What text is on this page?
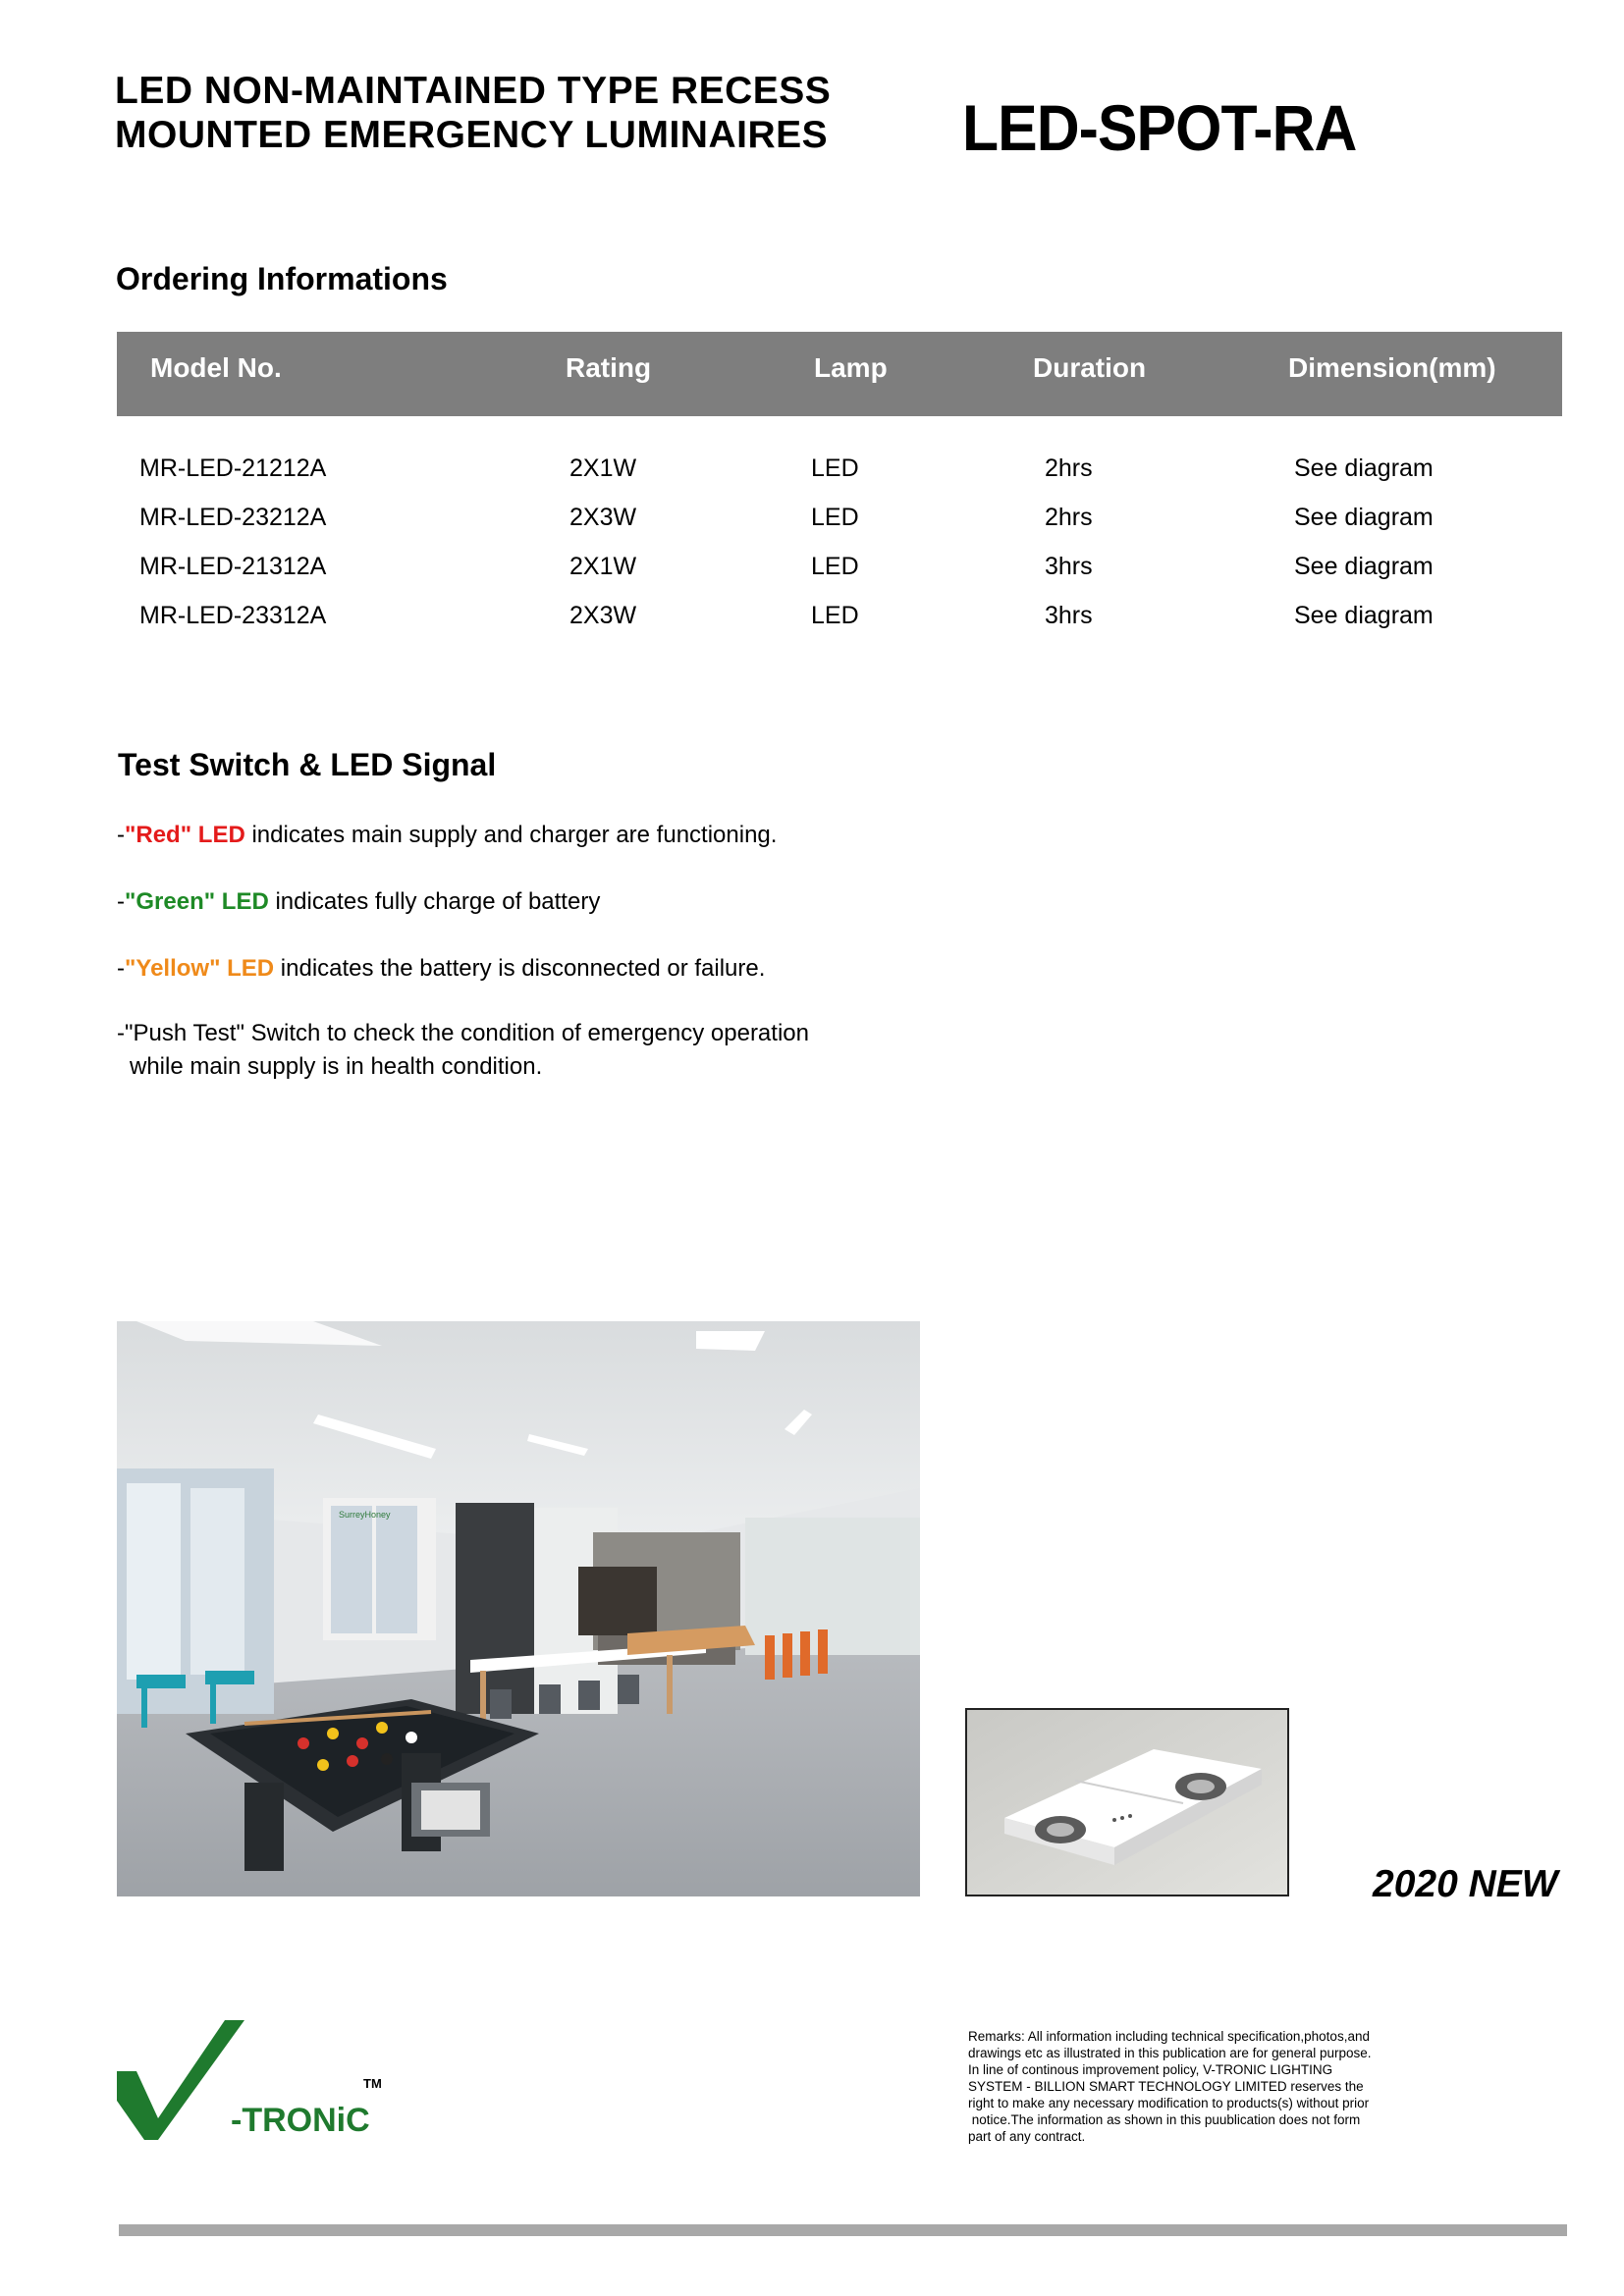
LED NON-MAINTAINED TYPE RECESS
MOUNTED EMERGENCY LUMINAIRES LED-SPOT-RA
Ordering Informations
Model No.	Rating	Lamp	Duration	Dimension(mm)
MR-LED-21212A	2X1W	LED	2hrs	See diagram
MR-LED-23212A	2X3W	LED	2hrs	See diagram
MR-LED-21312A	2X1W	LED	3hrs	See diagram
MR-LED-23312A	2X3W	LED	3hrs	See diagram
Test Switch & LED Signal
-"Red" LED indicates main supply and charger are functioning.
-"Green" LED indicates fully charge of battery
-"Yellow" LED indicates the battery is disconnected or failure.
-"Push Test" Switch to check the condition of emergency operation
while main supply is in health condition.
SurreyHoney
2020 NEW
TM
-TRONiC

Remarks: All information including technical specification,photos,and

drawings etc as illustrated in this publication are for general purpose.

In line of continous improvement policy, V-TRONIC LIGHTING

SYSTEM - BILLION SMART TECHNOLOGY LIMITED reserves the

right to make any necessary modification to products(s) without prior

notice.The information as shown in this puublication does not form

part of any contract.
